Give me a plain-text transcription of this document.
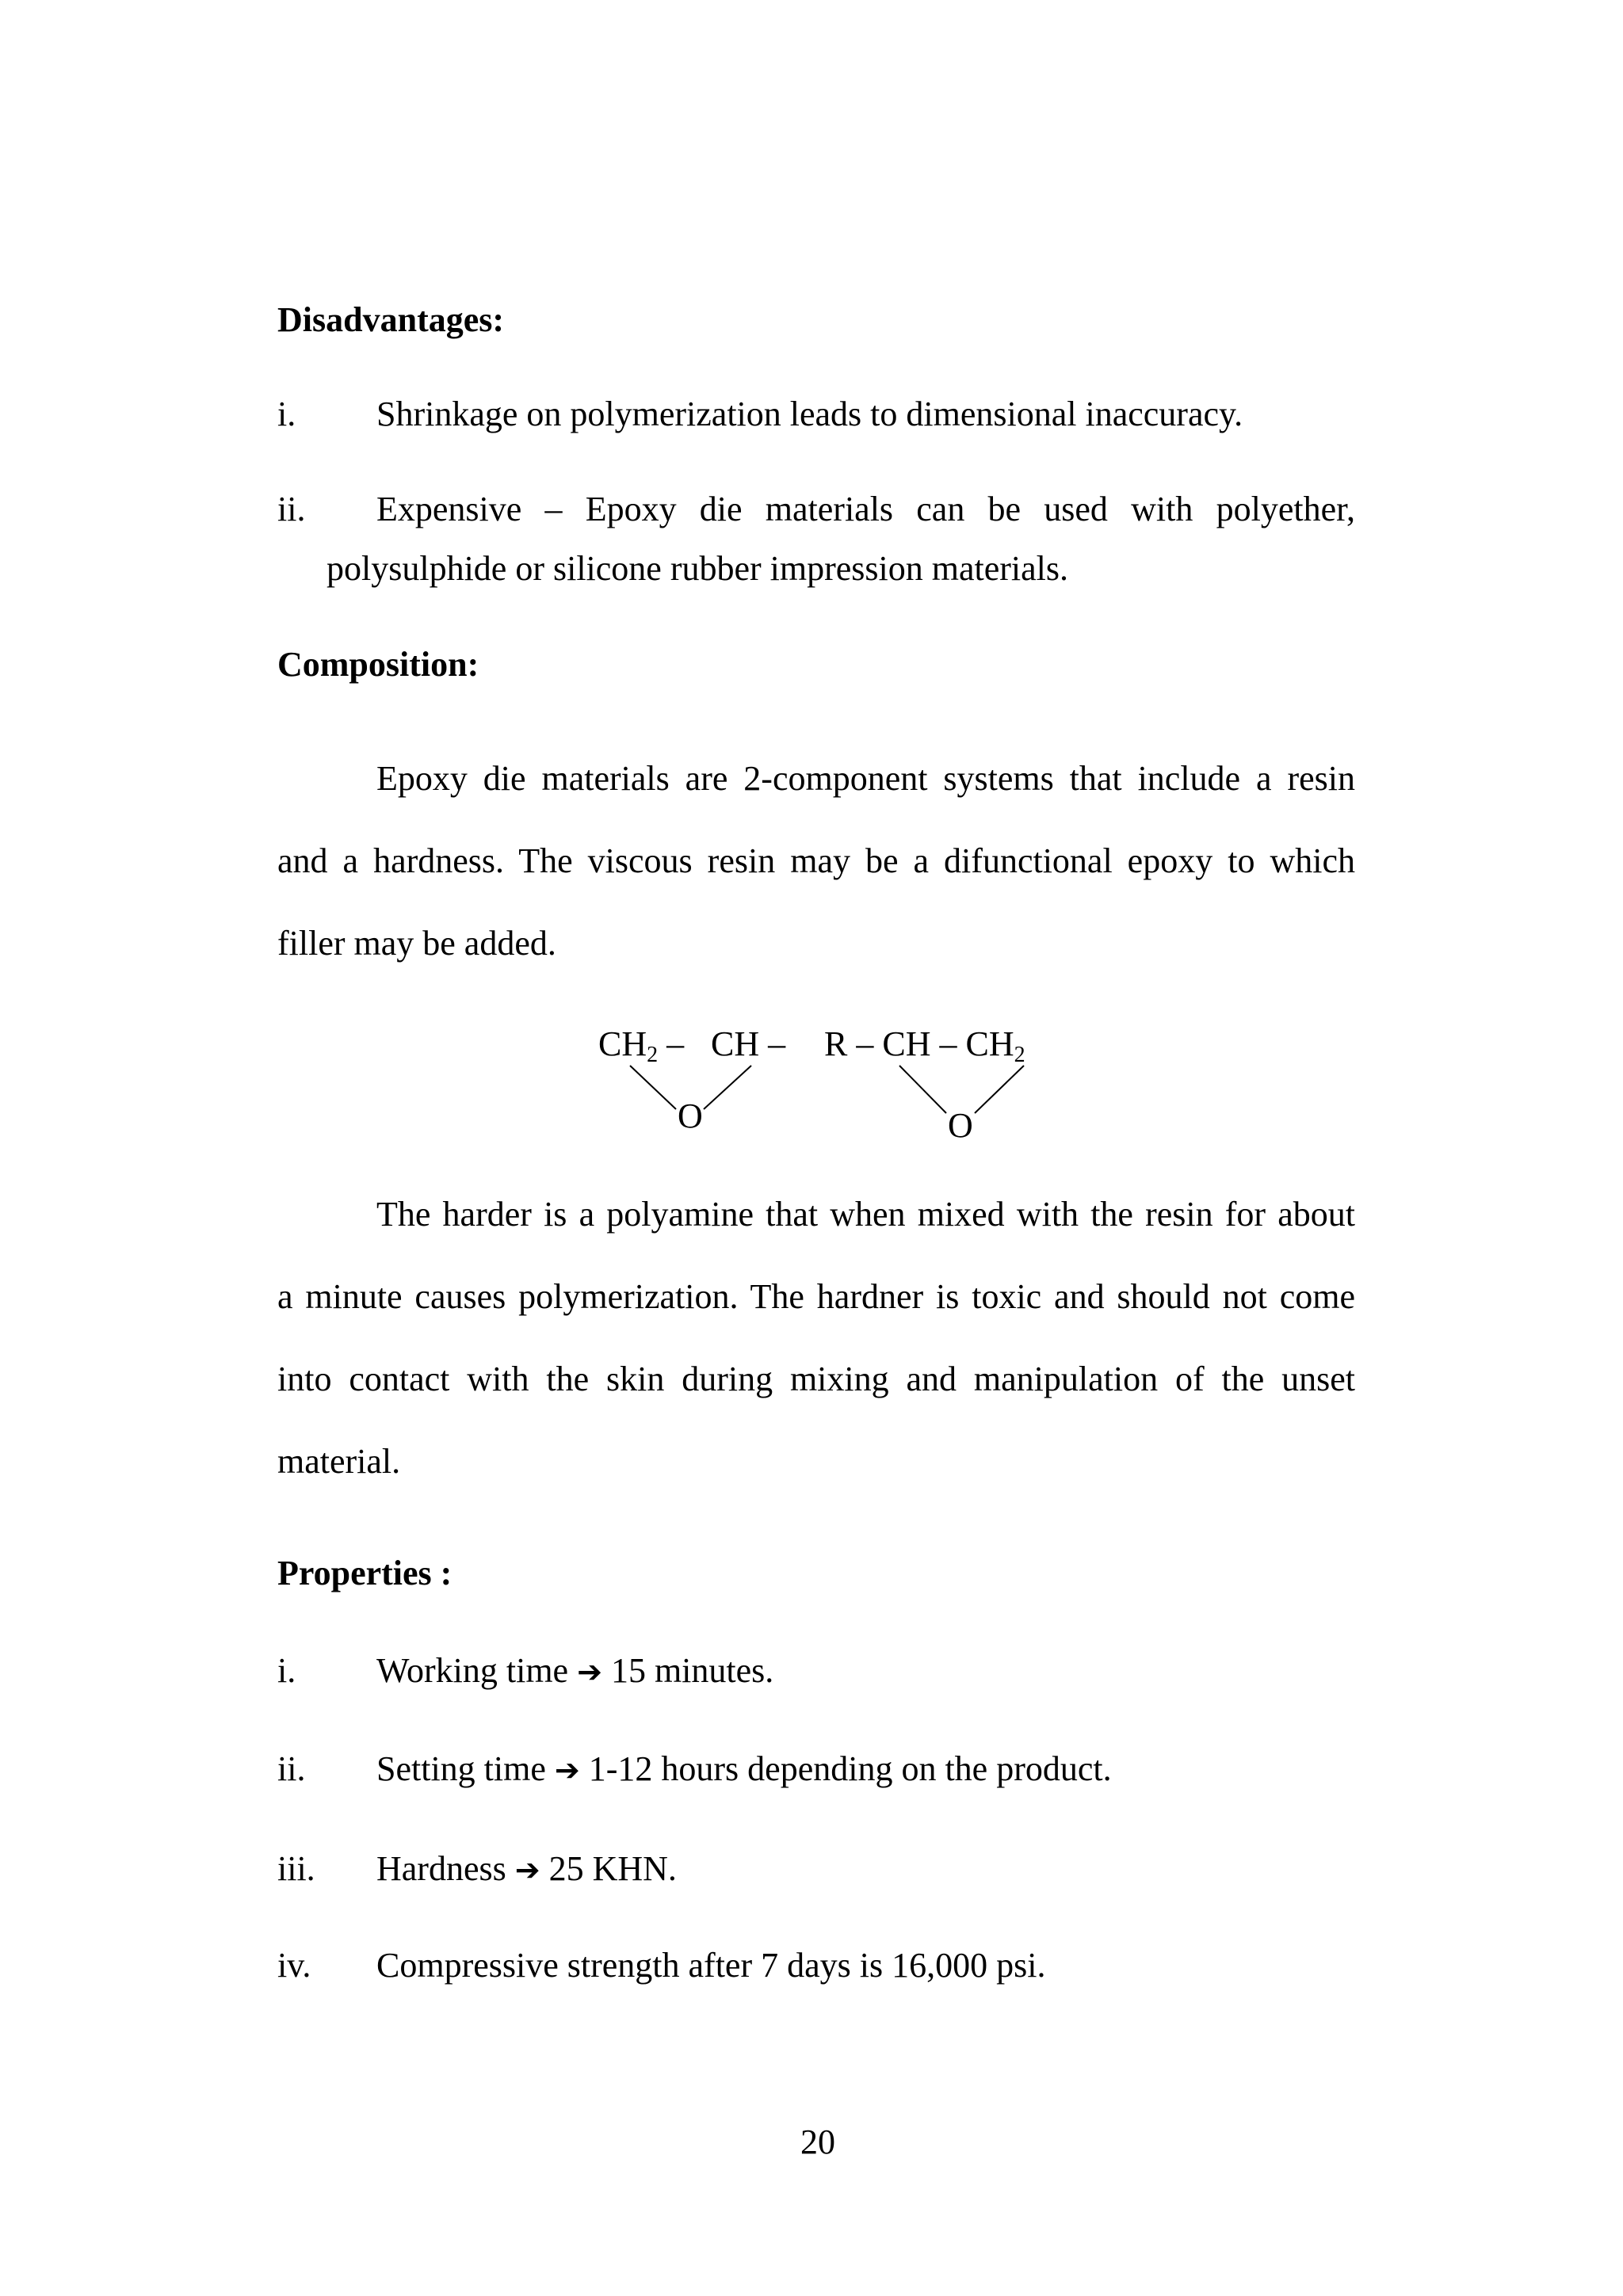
Disadvantages:
i. Shrinkage on polymerization leads to dimensional inaccuracy.
ii. Expensive – Epoxy die materials can be used with polyether,
polysulphide or silicone rubber impression materials.
Composition:
Epoxy die materials are 2-component systems that include a resin
and a hardness. The viscous resin may be a difunctional epoxy to which
filler may be added.
$CH_2$ – CH – R – CH – $CH_2$
O	O
The harder is a polyamine that when mixed with the resin for about
a minute causes polymerization. The hardner is toxic and should not come
into contact with the skin during mixing and manipulation of the unset
material.
Properties :
i. Working time ➔ 15 minutes.
ii. Setting time ➔ 1-12 hours depending on the product.
iii. Hardness ➔ 25 KHN.
iv. Compressive strength after 7 days is 16,000 psi.
20
